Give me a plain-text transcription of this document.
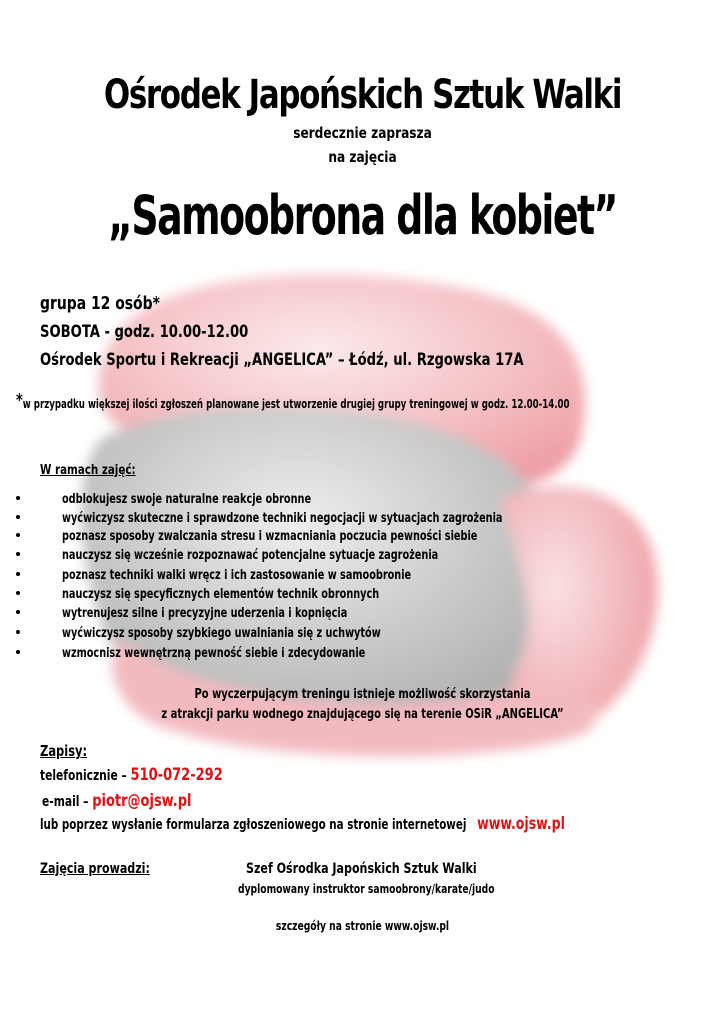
Ośrodek Japońskich Sztuk Walki
serdecznie zaprasza
na zajęcia
„Samoobrona dla kobiet”
grupa 12 osób*
SOBOTA - godz. 10.00-12.00
Ośrodek Sportu i Rekreacji „ANGELICA” – Łódź, ul. Rzgowska 17A
*w przypadku większej ilości zgłoszeń planowane jest utworzenie drugiej grupy treningowej w godz. 12.00-14.00
W ramach zajęć:
odblokujesz swoje naturalne reakcje obronne
wyćwiczysz skuteczne i sprawdzone techniki negocjacji w sytuacjach zagrożenia
poznasz sposoby zwalczania stresu i wzmacniania poczucia pewności siebie
nauczysz się wcześnie rozpoznawać potencjalne sytuacje zagrożenia
poznasz techniki walki wręcz i ich zastosowanie w samoobronie
nauczysz się specyficznych elementów technik obronnych
wytrenujesz silne i precyzyjne uderzenia i kopnięcia
wyćwiczysz sposoby szybkiego uwalniania się z uchwytów
wzmocnisz wewnętrzną pewność siebie i zdecydowanie
Po wyczerpującym treningu istnieje możliwość skorzystania
z atrakcji parku wodnego znajdującego się na terenie OSiR „ANGELICA”
Zapisy:
telefonicznie – 510-072-292
e-mail – piotr@ojsw.pl
lub poprzez wysłanie formularza zgłoszeniowego na stronie internetowej www.ojsw.pl
Zajęcia prowadzi:	Szef Ośrodka Japońskich Sztuk Walki
dyplomowany instruktor samoobrony/karate/judo
szczegóły na stronie www.ojsw.pl
